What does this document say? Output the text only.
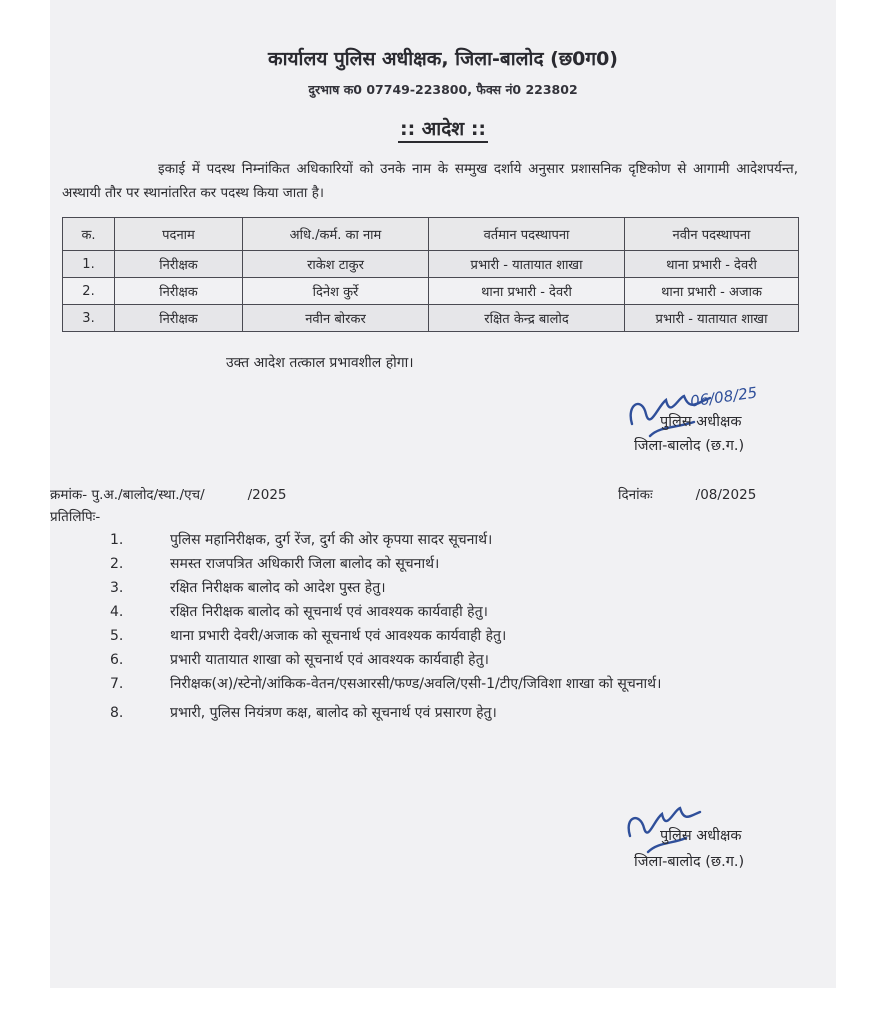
कार्यालय पुलिस अधीक्षक, जिला-बालोद (छ0ग0)
दुरभाष क0 07749-223800, फैक्स नं0 223802
:: आदेश ::
इकाई में पदस्थ निम्नांकित अधिकारियों को उनके नाम के सम्मुख दर्शाये अनुसार प्रशासनिक दृष्टिकोण से आगामी आदेशपर्यन्त, अस्थायी तौर पर स्थानांतरित कर पदस्थ किया जाता है।
क.	पदनाम	अधि./कर्म. का नाम	वर्तमान पदस्थापना	नवीन पदस्थापना
1.	निरीक्षक	राकेश टाकुर	प्रभारी - यातायात शाखा	थाना प्रभारी - देवरी
2.	निरीक्षक	दिनेश कुर्रे	थाना प्रभारी - देवरी	थाना प्रभारी - अजाक
3.	निरीक्षक	नवीन बोरकर	रक्षित केन्द्र बालोद	प्रभारी - यातायात शाखा
उक्त आदेश तत्काल प्रभावशील होगा।
06/08/25
पुलिस अधीक्षक
जिला-बालोद (छ.ग.)
क्रमांक- पु.अ./बालोद/स्था./एच/          /2025	दिनांकः          /08/2025
प्रतिलिपिः-
1.	पुलिस महानिरीक्षक, दुर्ग रेंज, दुर्ग की ओर कृपया सादर सूचनार्थ।
2.	समस्त राजपत्रित अधिकारी जिला बालोद को सूचनार्थ।
3.	रक्षित निरीक्षक बालोद को आदेश पुस्त हेतु।
4.	रक्षित निरीक्षक बालोद को सूचनार्थ एवं आवश्यक कार्यवाही हेतु।
5.	थाना प्रभारी देवरी/अजाक को सूचनार्थ एवं आवश्यक कार्यवाही हेतु।
6.	प्रभारी यातायात शाखा को सूचनार्थ एवं आवश्यक कार्यवाही हेतु।
7.	निरीक्षक(अ)/स्टेनो/आंकिक-वेतन/एसआरसी/फण्ड/अवलि/एसी-1/टीए/जिविशा शाखा को सूचनार्थ।
8.	प्रभारी, पुलिस नियंत्रण कक्ष, बालोद को सूचनार्थ एवं प्रसारण हेतु।
पुलिस अधीक्षक
जिला-बालोद (छ.ग.)
